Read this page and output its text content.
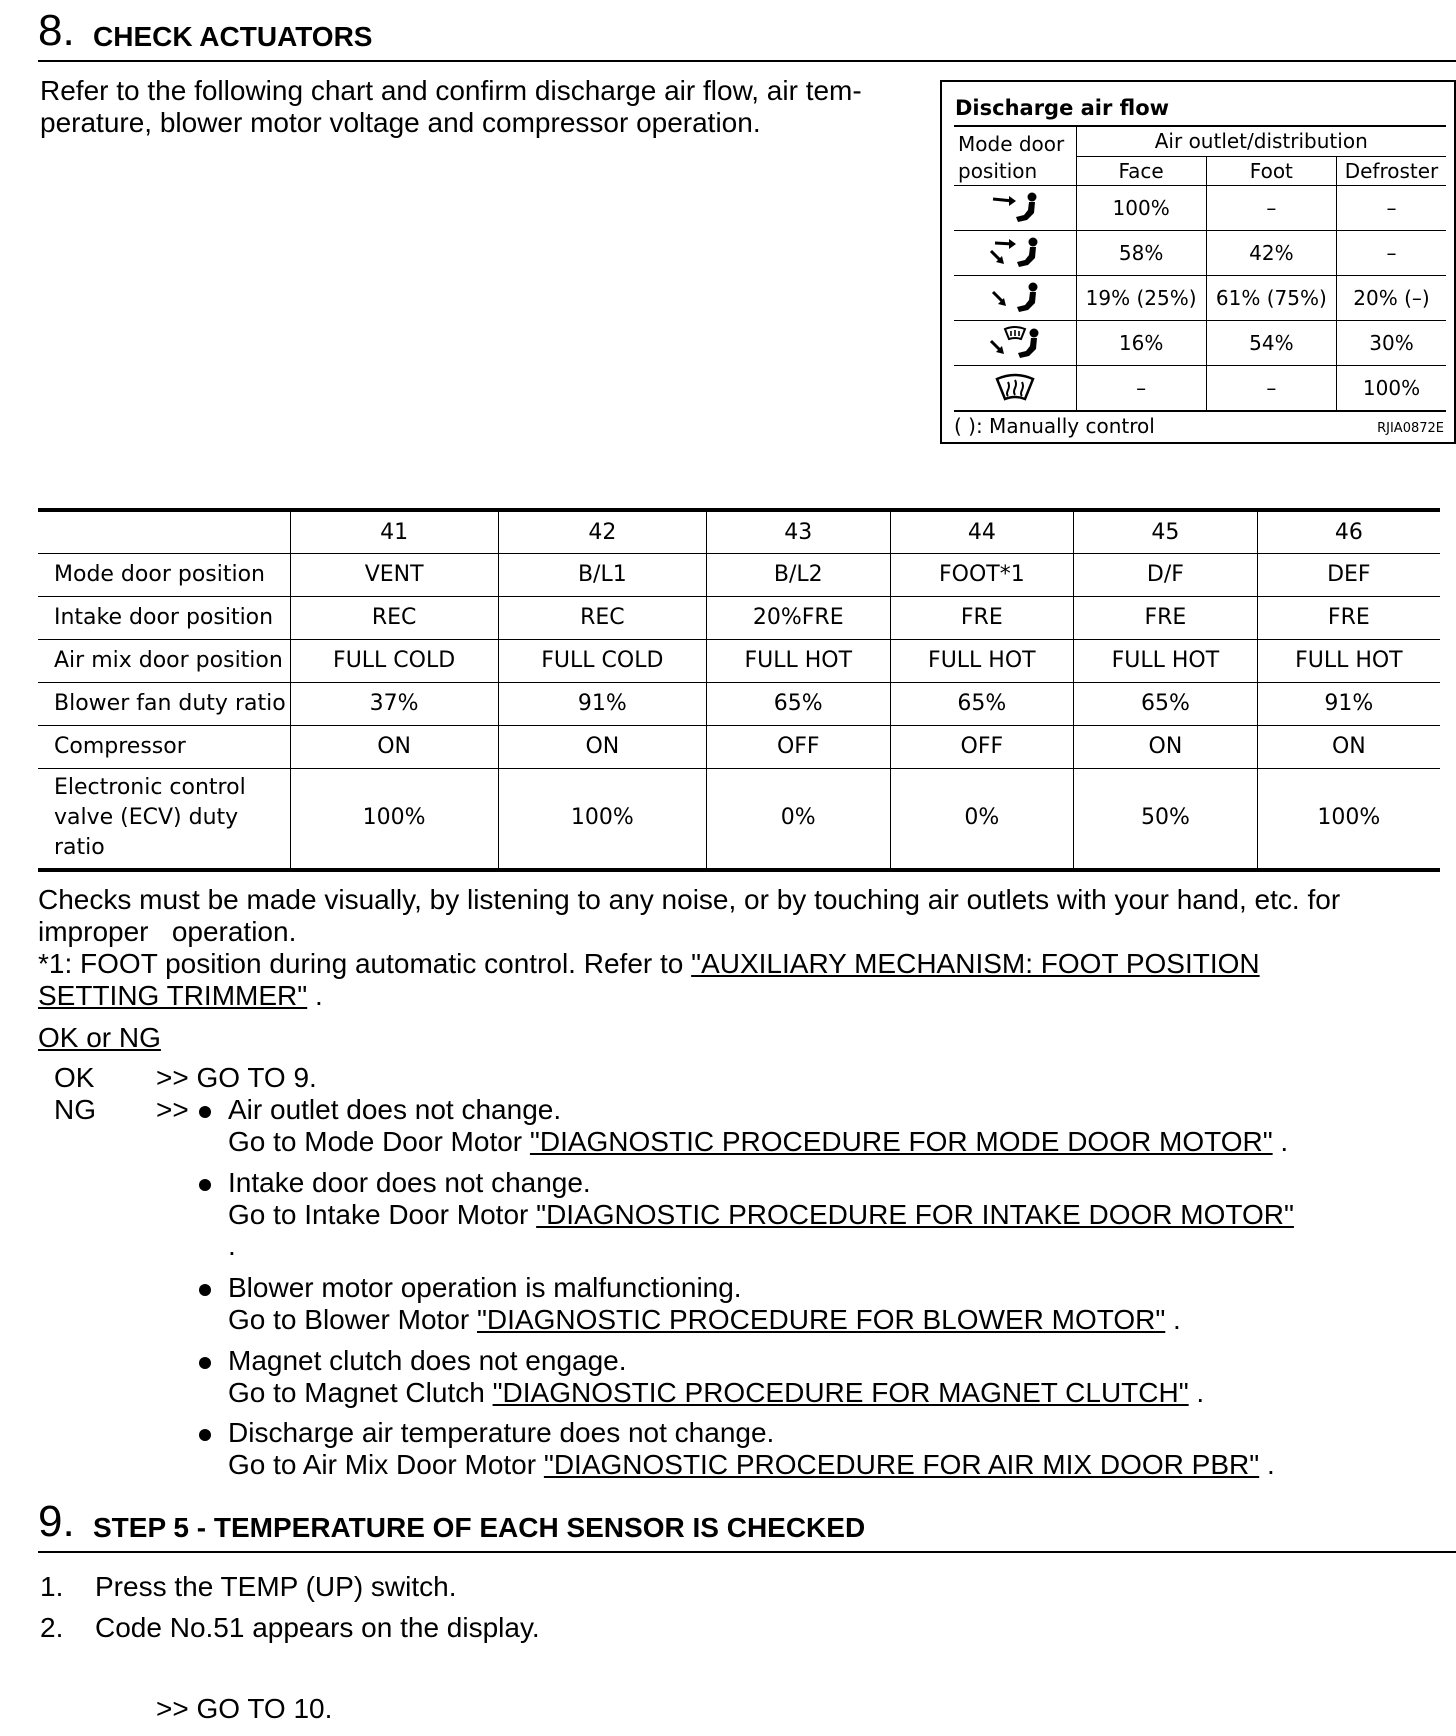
8. CHECK ACTUATORS
Refer to the following chart and confirm discharge air flow, air tem-
perature, blower motor voltage and compressor operation.	Discharge air flow
Mode door
position	Air outlet/distribution		
	Face	Foot	Defroster

	100%	–	–

	58%	42%	–

	19% (25%)	61% (75%)	20% (–)

	16%	54%	30%

	–	–	100%
( ): Manually control	RJIA0872E
	41	42	43	44	45	46
Mode door position	VENT	B/L1	B/L2	FOOT*1	D/F	DEF
Intake door position	REC	REC	20%FRE	FRE	FRE	FRE
Air mix door position	FULL COLD	FULL COLD	FULL HOT	FULL HOT	FULL HOT	FULL HOT
Blower fan duty ratio	37%	91%	65%	65%	65%	91%
Compressor	ON	ON	OFF	OFF	ON	ON

Electronic control
valve (ECV) duty
ratio	100%	100%	0%	0%	50%	100%
Checks must be made visually, by listening to any noise, or by touching air outlets with your hand, etc. for
improper   operation.
*1: FOOT position during automatic control. Refer to "AUXILIARY MECHANISM: FOOT POSITION
SETTING TRIMMER" .
OK or NG
OK >> GO TO 9.
NG >> Air outlet does not change.
Go to Mode Door Motor "DIAGNOSTIC PROCEDURE FOR MODE DOOR MOTOR" .
Intake door does not change.
Go to Intake Door Motor "DIAGNOSTIC PROCEDURE FOR INTAKE DOOR MOTOR"
.
Blower motor operation is malfunctioning.
Go to Blower Motor "DIAGNOSTIC PROCEDURE FOR BLOWER MOTOR" .
Magnet clutch does not engage.
Go to Magnet Clutch "DIAGNOSTIC PROCEDURE FOR MAGNET CLUTCH" .
Discharge air temperature does not change.
Go to Air Mix Door Motor "DIAGNOSTIC PROCEDURE FOR AIR MIX DOOR PBR" .
9. STEP 5 - TEMPERATURE OF EACH SENSOR IS CHECKED
1. Press the TEMP (UP) switch.
2. Code No.51 appears on the display.
>> GO TO 10.
